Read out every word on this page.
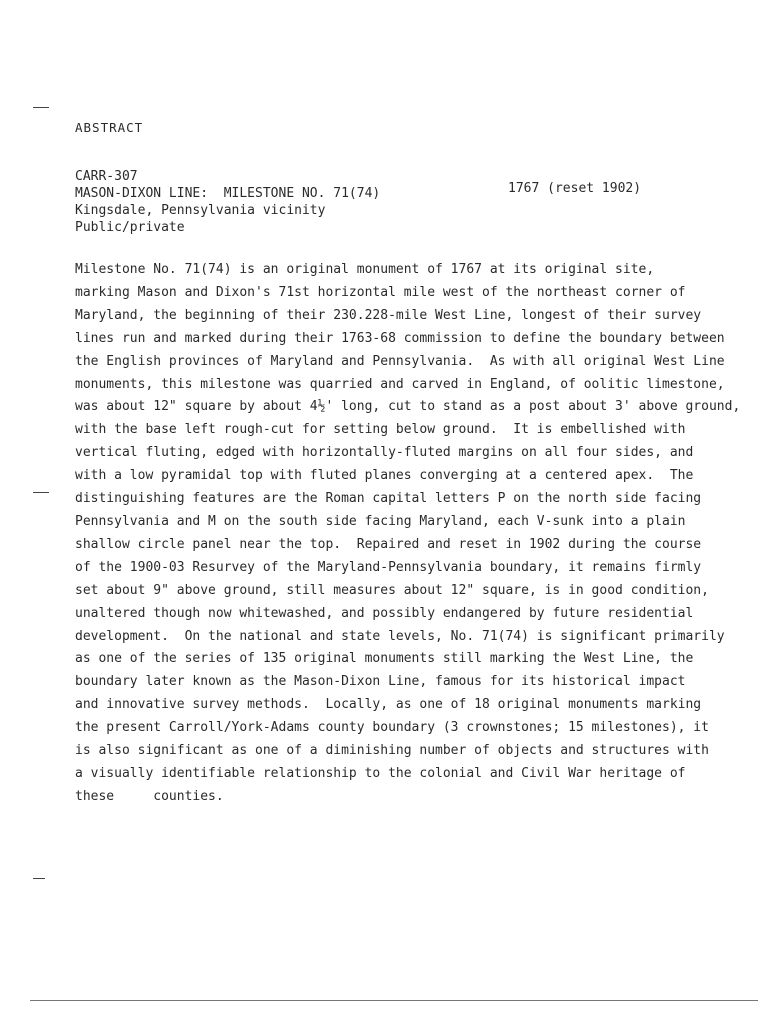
ABSTRACT
CARR-307
MASON-DIXON LINE:  MILESTONE NO. 71(74)
Kingsdale, Pennsylvania vicinity
Public/private
1767 (reset 1902)
Milestone No. 71(74) is an original monument of 1767 at its original site,
marking Mason and Dixon's 71st horizontal mile west of the northeast corner of
Maryland, the beginning of their 230.228-mile West Line, longest of their survey
lines run and marked during their 1763-68 commission to define the boundary between
the English provinces of Maryland and Pennsylvania.  As with all original West Line
monuments, this milestone was quarried and carved in England, of oolitic limestone,
was about 12" square by about 4½' long, cut to stand as a post about 3' above ground,
with the base left rough-cut for setting below ground.  It is embellished with
vertical fluting, edged with horizontally-fluted margins on all four sides, and
with a low pyramidal top with fluted planes converging at a centered apex.  The
distinguishing features are the Roman capital letters P on the north side facing
Pennsylvania and M on the south side facing Maryland, each V-sunk into a plain
shallow circle panel near the top.  Repaired and reset in 1902 during the course
of the 1900-03 Resurvey of the Maryland-Pennsylvania boundary, it remains firmly
set about 9" above ground, still measures about 12" square, is in good condition,
unaltered though now whitewashed, and possibly endangered by future residential
development.  On the national and state levels, No. 71(74) is significant primarily
as one of the series of 135 original monuments still marking the West Line, the
boundary later known as the Mason-Dixon Line, famous for its historical impact
and innovative survey methods.  Locally, as one of 18 original monuments marking
the present Carroll/York-Adams county boundary (3 crownstones; 15 milestones), it
is also significant as one of a diminishing number of objects and structures with
a visually identifiable relationship to the colonial and Civil War heritage of
these     counties.
